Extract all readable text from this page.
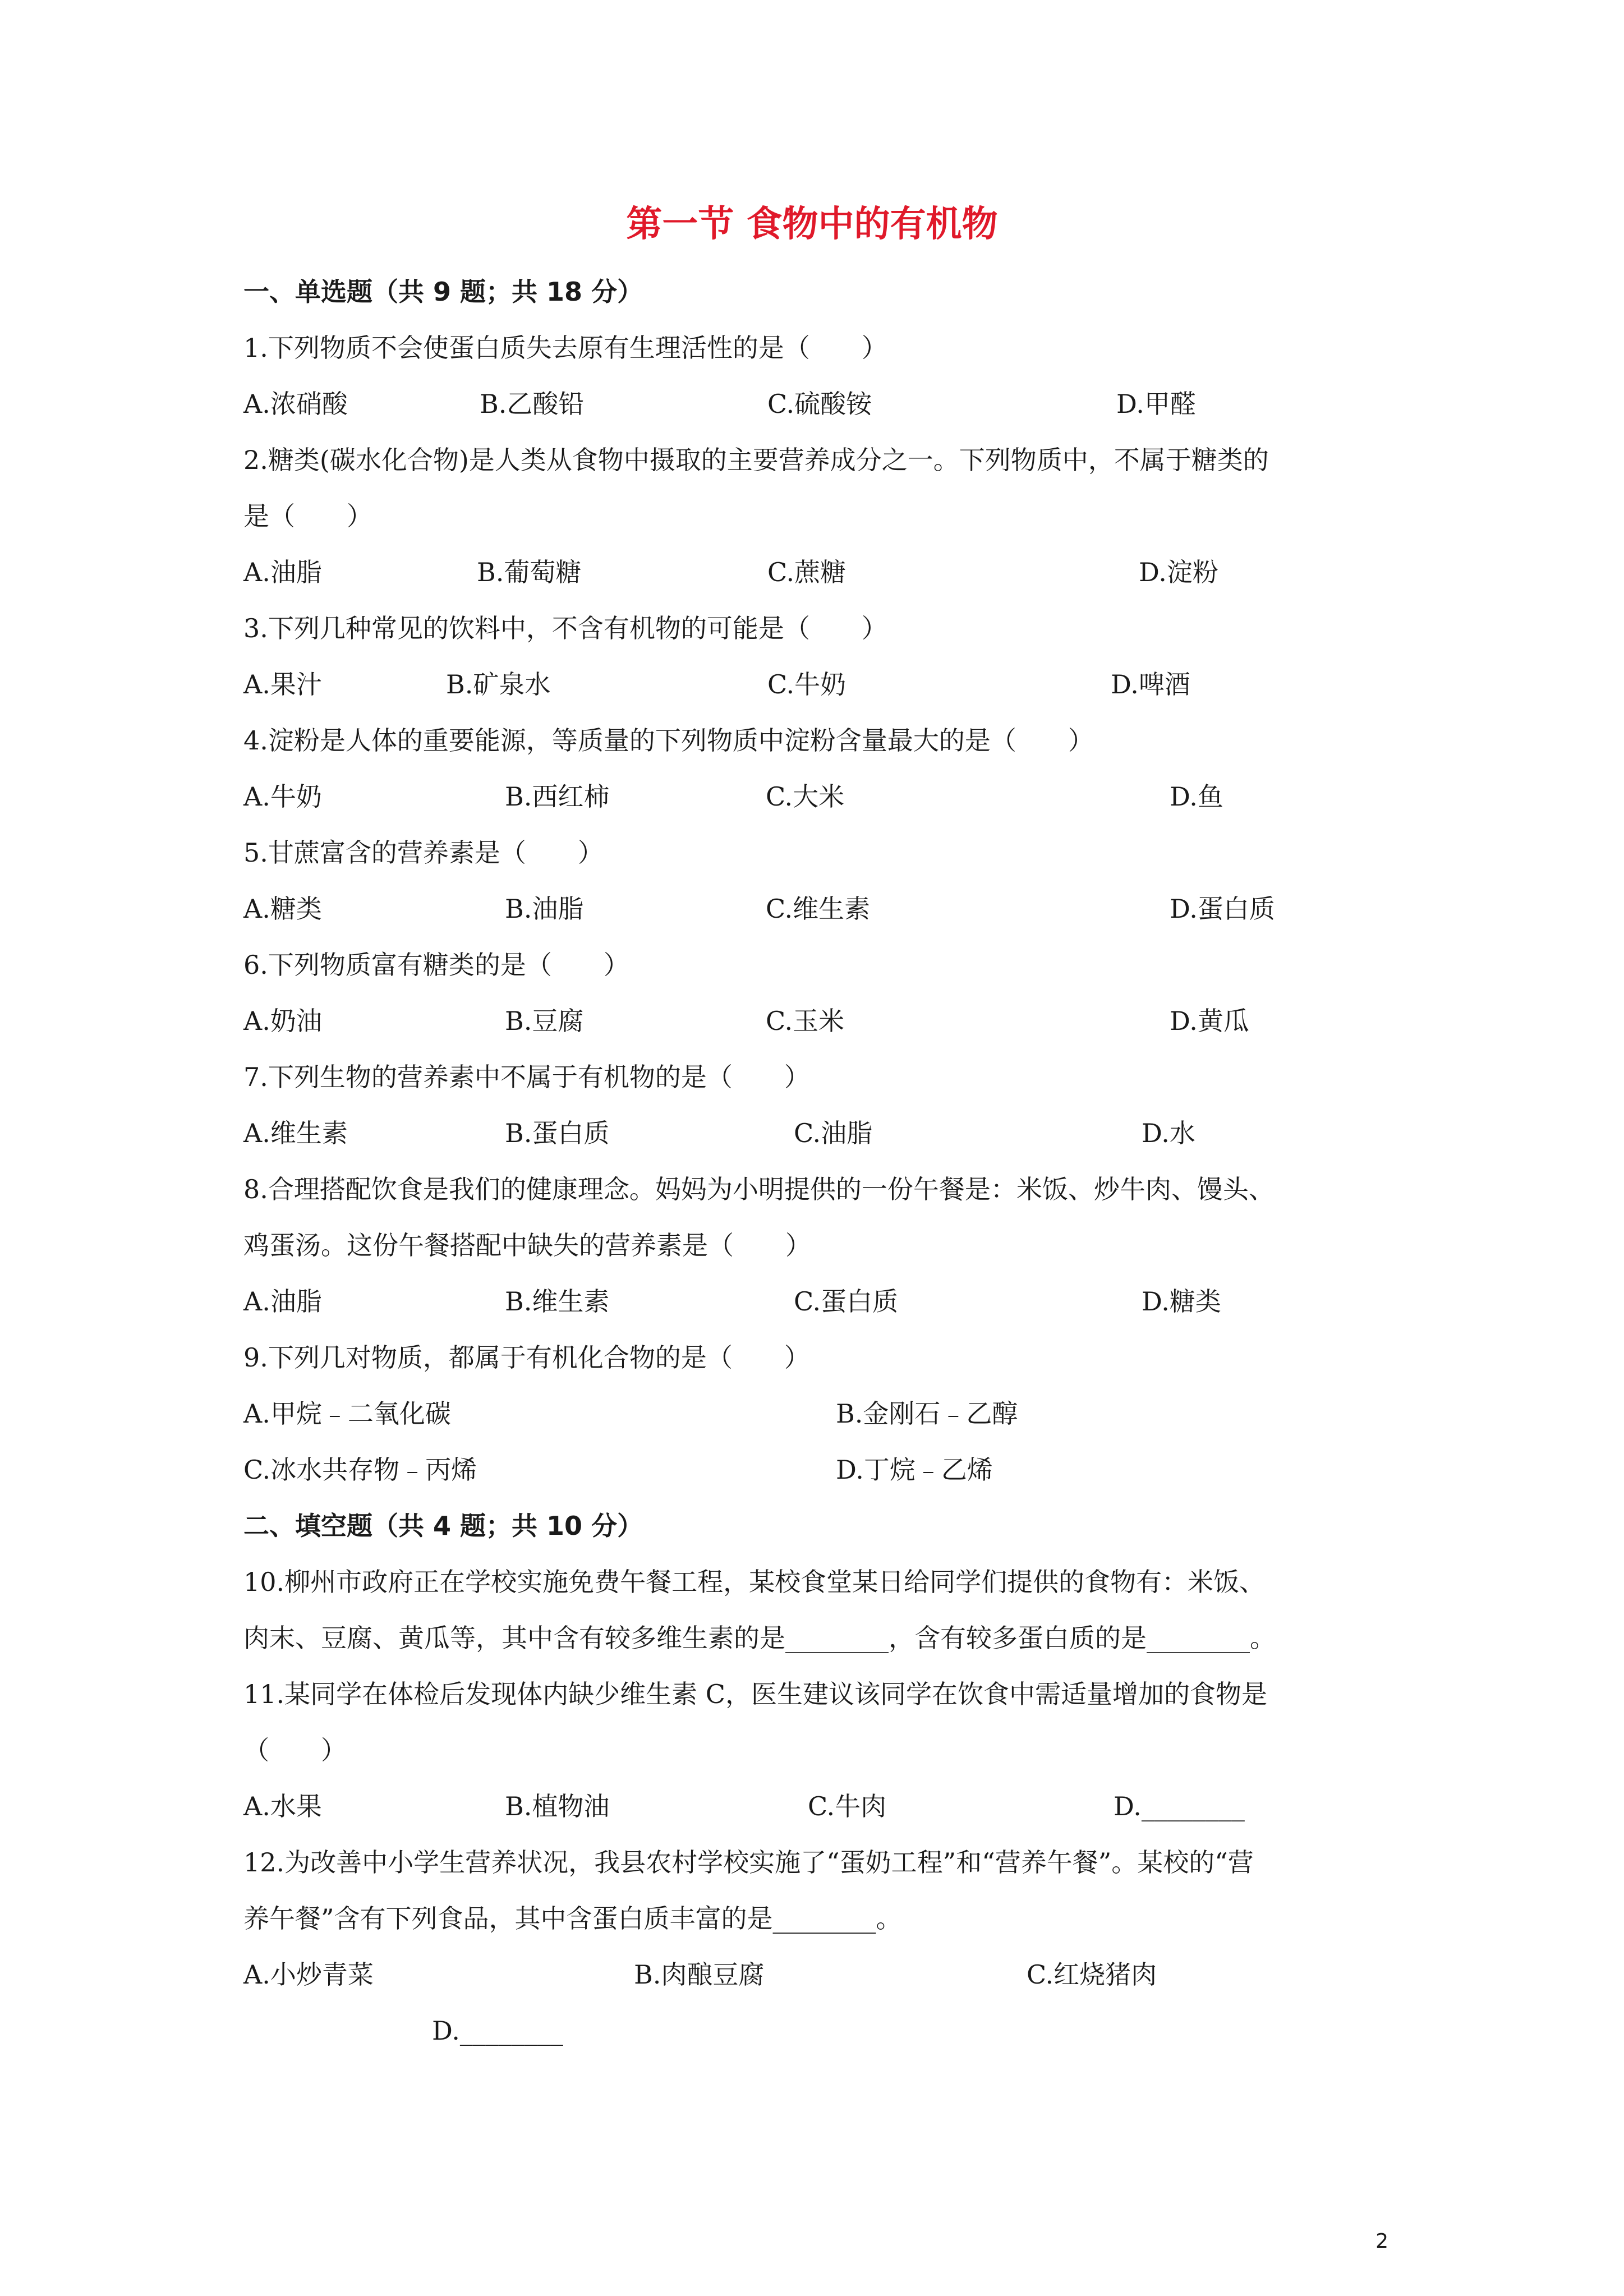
第一节 食物中的有机物
一、单选题（共 9 题；共 18 分）
1.下列物质不会使蛋白质失去原有生理活性的是（　　）
A.浓硝酸	B.乙酸铅	C.硫酸铵	D.甲醛
2.糖类(碳水化合物)是人类从食物中摄取的主要营养成分之一。下列物质中，不属于糖类的
是（　　）
A.油脂	B.葡萄糖	C.蔗糖	D.淀粉
3.下列几种常见的饮料中，不含有机物的可能是（　　）
A.果汁	B.矿泉水	C.牛奶	D.啤酒
4.淀粉是人体的重要能源，等质量的下列物质中淀粉含量最大的是（　　）
A.牛奶	B.西红柿	C.大米	D.鱼
5.甘蔗富含的营养素是（　　）
A.糖类	B.油脂	C.维生素	D.蛋白质
6.下列物质富有糖类的是（　　）
A.奶油	B.豆腐	C.玉米	D.黄瓜
7.下列生物的营养素中不属于有机物的是（　　）
A.维生素	B.蛋白质	C.油脂	D.水
8.合理搭配饮食是我们的健康理念。妈妈为小明提供的一份午餐是：米饭、炒牛肉、馒头、
鸡蛋汤。这份午餐搭配中缺失的营养素是（　　）
A.油脂	B.维生素	C.蛋白质	D.糖类
9.下列几对物质，都属于有机化合物的是（　　）
A.甲烷﹣二氧化碳	B.金刚石﹣乙醇
C.冰水共存物﹣丙烯	D.丁烷﹣乙烯
二、填空题（共 4 题；共 10 分）
10.柳州市政府正在学校实施免费午餐工程，某校食堂某日给同学们提供的食物有：米饭、
肉末、豆腐、黄瓜等，其中含有较多维生素的是________，含有较多蛋白质的是________。
11.某同学在体检后发现体内缺少维生素 C，医生建议该同学在饮食中需适量增加的食物是
（　　）
A.水果	B.植物油	C.牛肉	D.________
12.为改善中小学生营养状况，我县农村学校实施了“蛋奶工程”和“营养午餐”。某校的“营
养午餐”含有下列食品，其中含蛋白质丰富的是________。
A.小炒青菜	B.肉酿豆腐	C.红烧猪肉
D.________
2
